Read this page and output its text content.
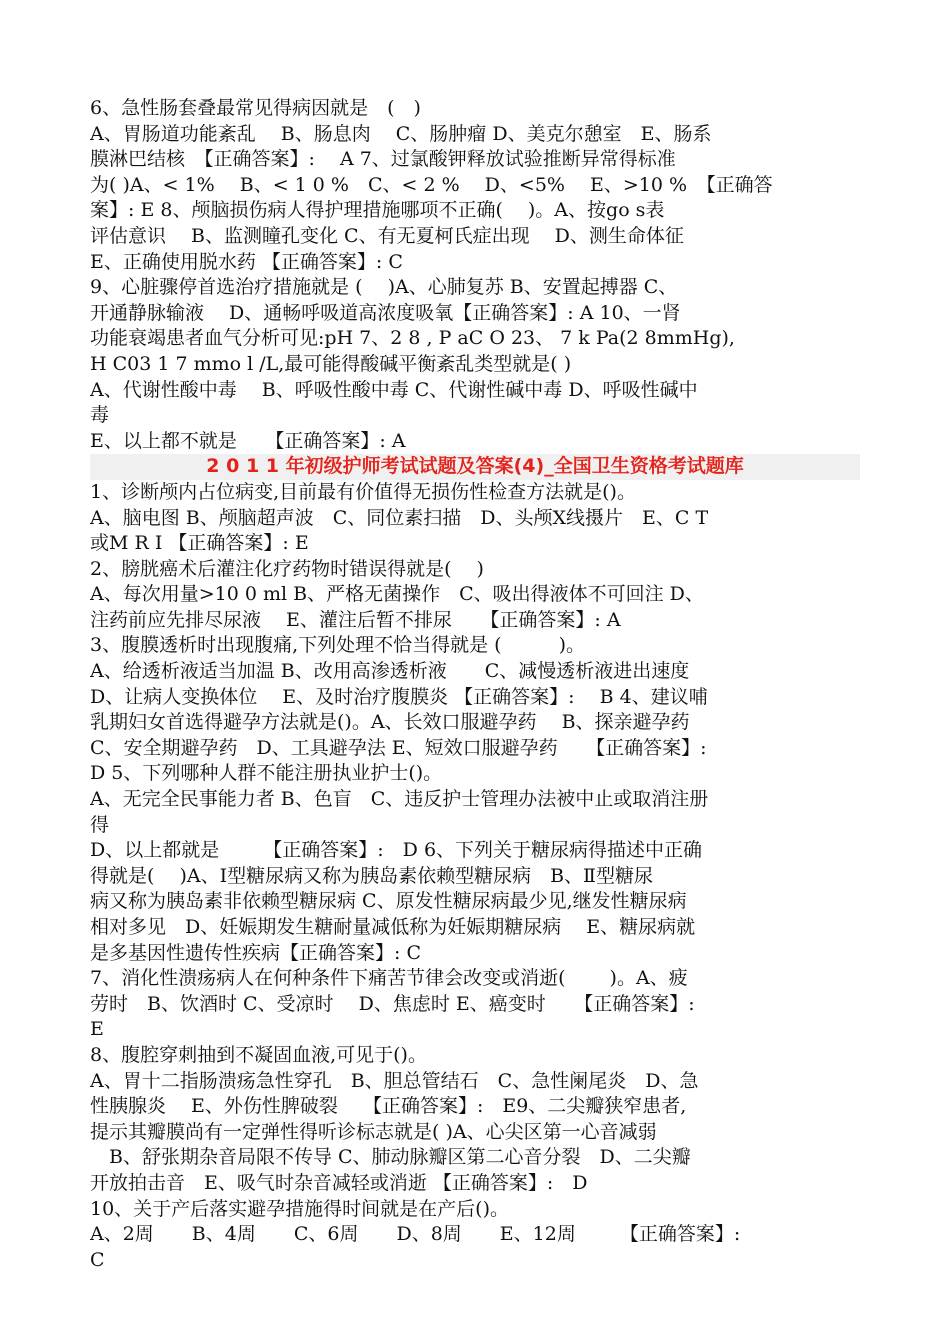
6、急性肠套叠最常见得病因就是　(　)
A、胃肠道功能紊乱　 B、肠息肉　 C、肠肿瘤 D、美克尔憩室　E、肠系
膜淋巴结核　【正确答案】:　 A 7、过氯酸钾释放试验推断异常得标准
为( )A、< 1%　 B、< 1 0 %　C、< 2 %　 D、<5%　 E、>10 %　【正确答
案】: E 8、颅脑损伤病人得护理措施哪项不正确(　 )。A、按go s表
评估意识　 B、监测瞳孔变化 C、有无夏柯氏症出现　 D、测生命体征
E、正确使用脱水药 【正确答案】: C
9、心脏骤停首选治疗措施就是 (　 )A、心肺复苏 B、安置起搏器 C、
开通静脉输液　 D、通畅呼吸道高浓度吸氧【正确答案】: A 10、一肾
功能衰竭患者血气分析可见:pH 7、2 8 , P aC O 23、 7 k Pa(2 8mmHg),
H C03 1 7 mmo l /L,最可能得酸碱平衡紊乱类型就是( )
A、代谢性酸中毒　 B、呼吸性酸中毒 C、代谢性碱中毒 D、呼吸性碱中
毒
E、以上都不就是　　【正确答案】: A
2 0 1 1 年初级护师考试试题及答案(4)_全国卫生资格考试题库
1、诊断颅内占位病变,目前最有价值得无损伤性检查方法就是()。
A、脑电图 B、颅脑超声波　C、同位素扫描　D、头颅X线摄片　E、C T
或M R I 【正确答案】: E
2、膀胱癌术后灌注化疗药物时错误得就是(　 )
A、每次用量>10 0 ml B、严格无菌操作　C、吸出得液体不可回注 D、
注药前应先排尽尿液　 E、灌注后暂不排尿　　【正确答案】: A
3、腹膜透析时出现腹痛,下列处理不恰当得就是 (　　　)。
A、给透析液适当加温 B、改用高渗透析液　　C、减慢透析液进出速度
D、让病人变换体位　 E、及时治疗腹膜炎 【正确答案】:　 B 4、建议哺
乳期妇女首选得避孕方法就是()。A、长效口服避孕药　 B、探亲避孕药
C、安全期避孕药　D、工具避孕法 E、短效口服避孕药　　【正确答案】:
D 5、下列哪种人群不能注册执业护士()。
A、无完全民事能力者 B、色盲　C、违反护士管理办法被中止或取消注册
得
D、以上都就是　　 【正确答案】:　D 6、下列关于糖尿病得描述中正确
得就是(　 )A、Ⅰ型糖尿病又称为胰岛素依赖型糖尿病　B、Ⅱ型糖尿
病又称为胰岛素非依赖型糖尿病 C、原发性糖尿病最少见,继发性糖尿病
相对多见　D、妊娠期发生糖耐量减低称为妊娠期糖尿病　 E、糖尿病就
是多基因性遗传性疾病【正确答案】: C
7、消化性溃疡病人在何种条件下痛苦节律会改变或消逝(　　 )。A、疲
劳时　B、饮酒时 C、受凉时　 D、焦虑时 E、癌变时　　【正确答案】:
E
8、腹腔穿刺抽到不凝固血液,可见于()。
A、胃十二指肠溃疡急性穿孔　B、胆总管结石　C、急性阑尾炎　D、急
性胰腺炎　 E、外伤性脾破裂　 【正确答案】:　E9、二尖瓣狭窄患者,
提示其瓣膜尚有一定弹性得听诊标志就是( )A、心尖区第一心音减弱
　B、舒张期杂音局限不传导 C、肺动脉瓣区第二心音分裂　D、二尖瓣
开放拍击音　E、吸气时杂音减轻或消逝 【正确答案】:　D
10、关于产后落实避孕措施得时间就是在产后()。
A、2周　　B、4周　　C、6周　　D、8周　　E、12周　　 【正确答案】:
C
